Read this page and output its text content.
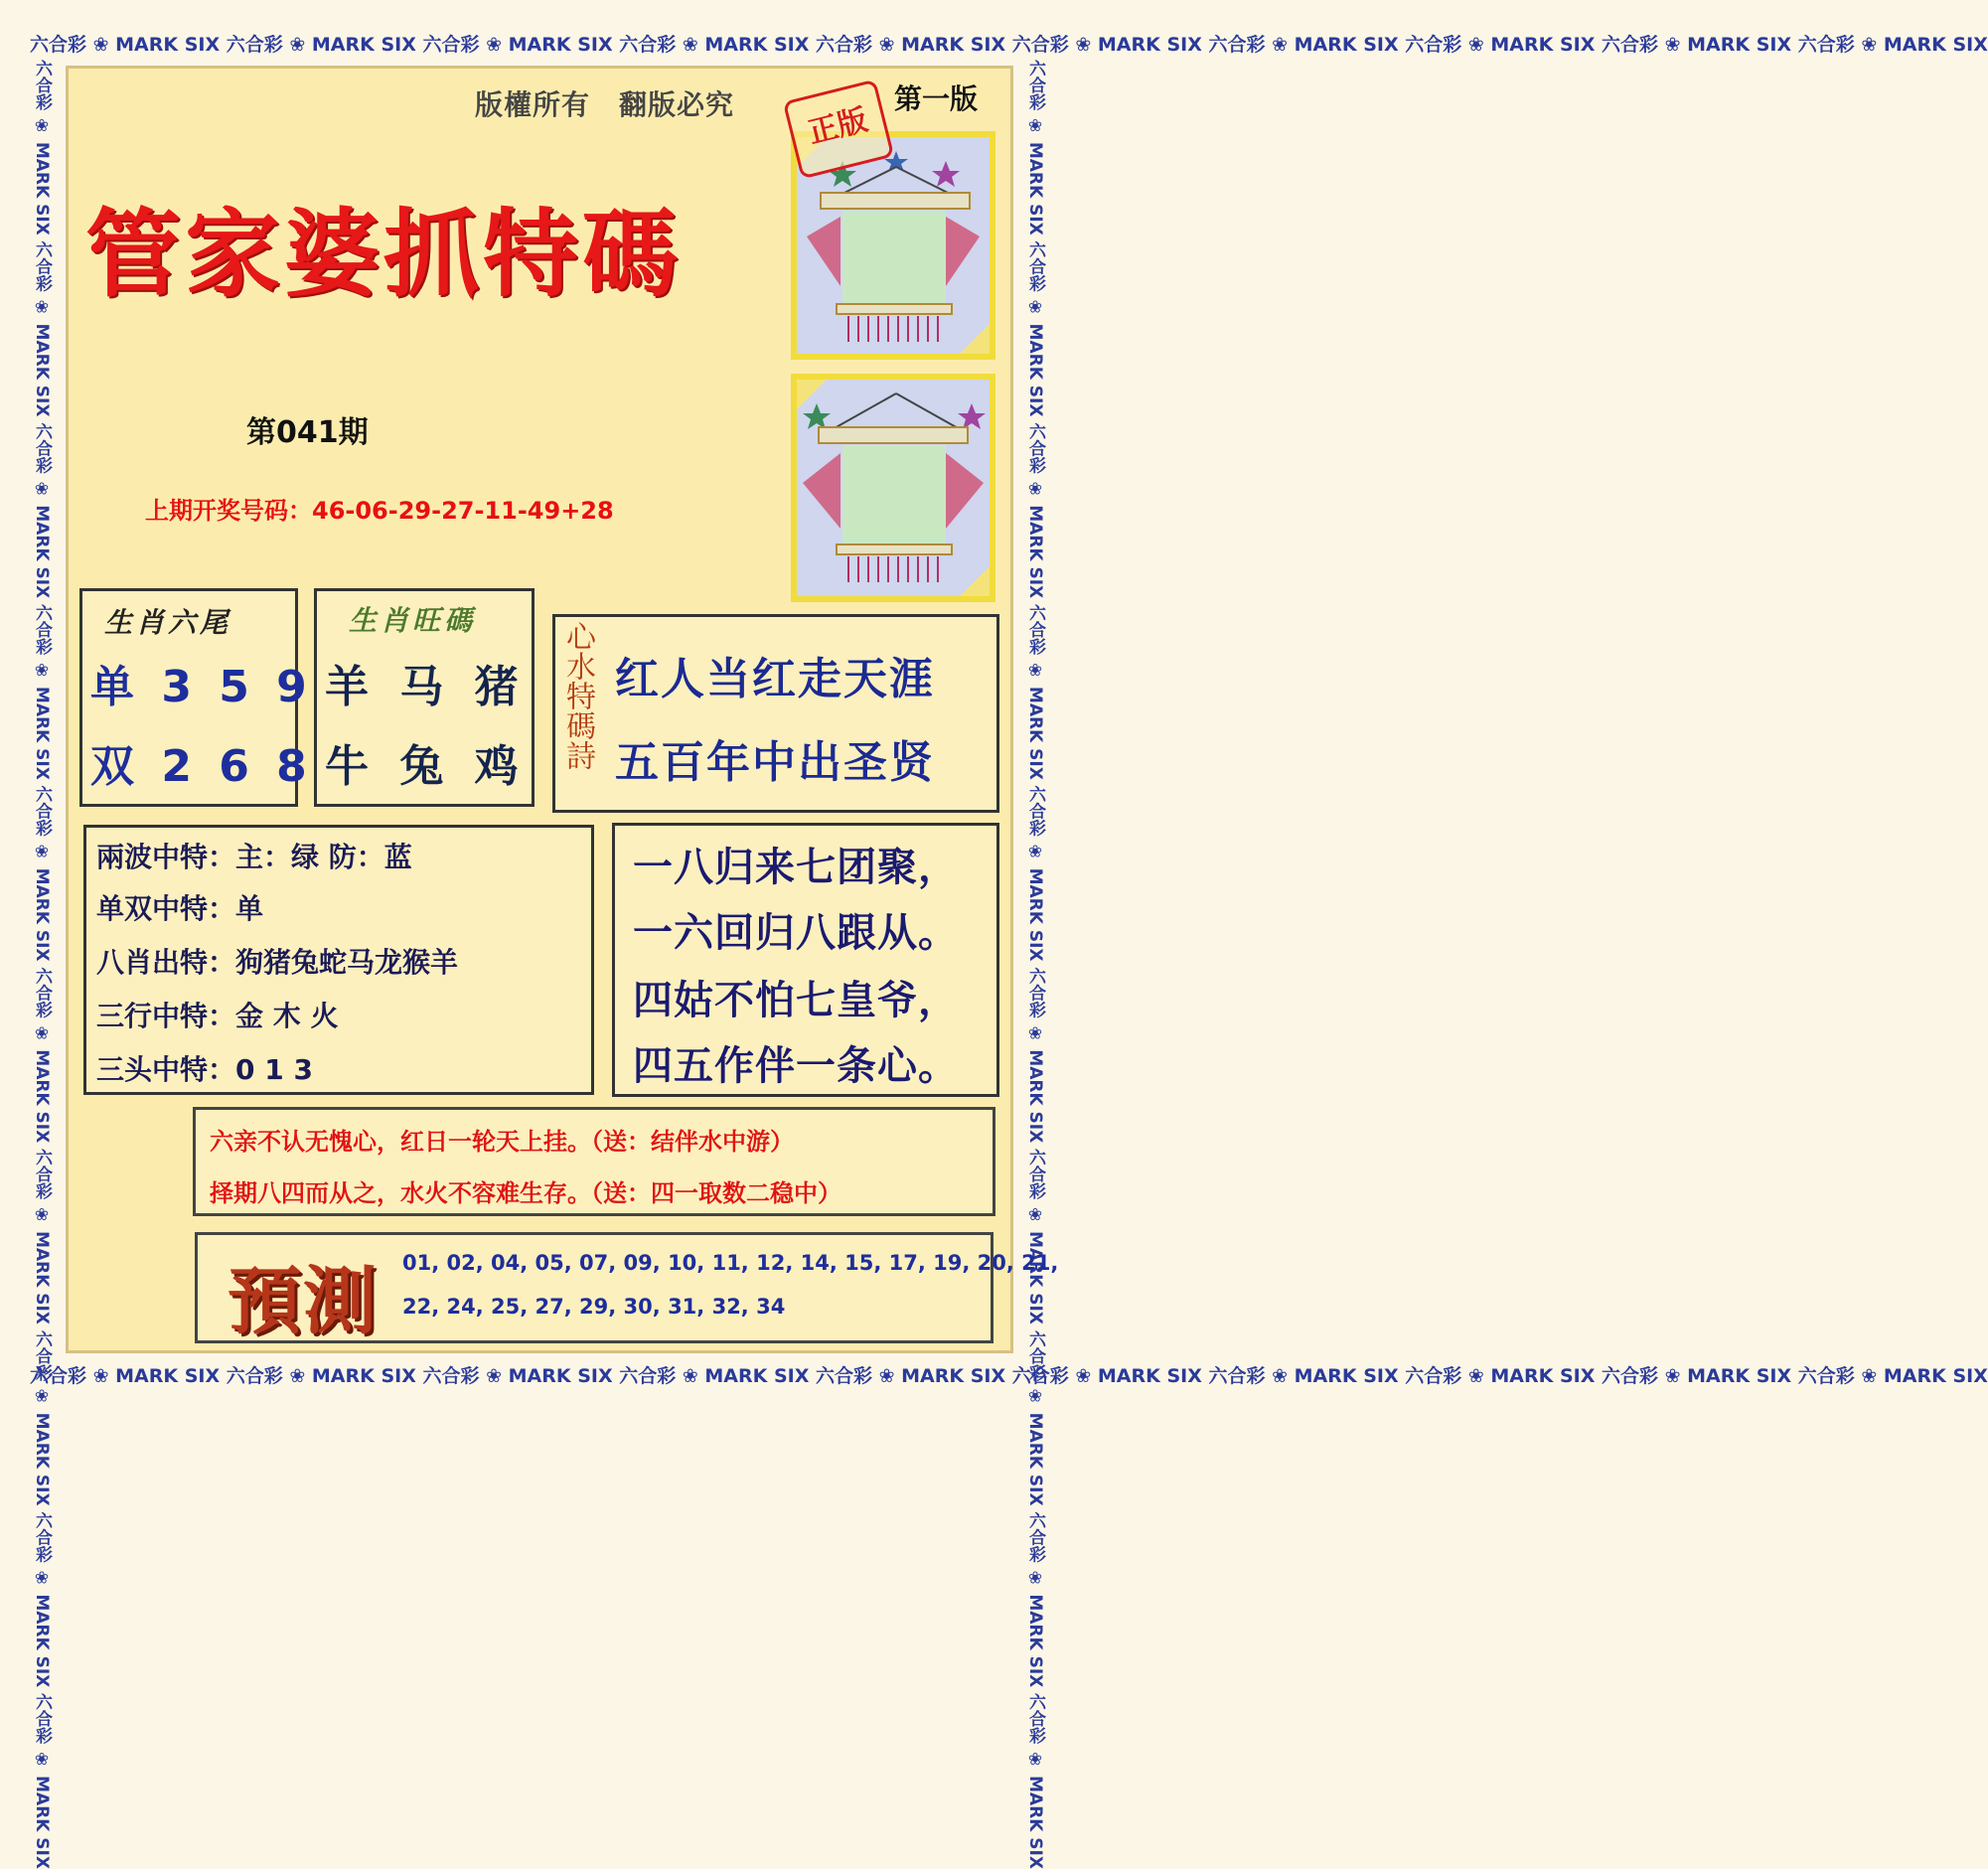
六合彩 ❀ MARK SIX 六合彩 ❀ MARK SIX 六合彩 ❀ MARK SIX 六合彩 ❀ MARK SIX 六合彩 ❀ MARK SIX 六合彩 ❀ MARK SIX 六合彩 ❀ MARK SIX 六合彩 ❀ MARK SIX 六合彩 ❀ MARK SIX 六合彩 ❀ MARK SIX
六合彩 ❀ MARK SIX 六合彩 ❀ MARK SIX 六合彩 ❀ MARK SIX 六合彩 ❀ MARK SIX 六合彩 ❀ MARK SIX 六合彩 ❀ MARK SIX 六合彩 ❀ MARK SIX 六合彩 ❀ MARK SIX 六合彩 ❀ MARK SIX 六合彩 ❀ MARK SIX
六合彩 ❀ MARK SIX 六合彩 ❀ MARK SIX 六合彩 ❀ MARK SIX 六合彩 ❀ MARK SIX 六合彩 ❀ MARK SIX 六合彩 ❀ MARK SIX 六合彩 ❀ MARK SIX 六合彩 ❀ MARK SIX 六合彩 ❀ MARK SIX 六合彩 ❀ MARK SIX	六合彩 ❀ MARK SIX 六合彩 ❀ MARK SIX 六合彩 ❀ MARK SIX 六合彩 ❀ MARK SIX 六合彩 ❀ MARK SIX 六合彩 ❀ MARK SIX 六合彩 ❀ MARK SIX 六合彩 ❀ MARK SIX 六合彩 ❀ MARK SIX 六合彩 ❀ MARK SIX
版權所有　翻版必究	第一版
正版
管家婆抓特碼
第041期
上期开奖号码：46-06-29-27-11-49+28
生肖六尾
单 3 5 9
双 2 6 8
生肖旺碼
羊 马 猪
牛 兔 鸡 心水特碼詩 红人当红走天涯
五百年中出圣贤
兩波中特：主：绿 防：蓝
单双中特：单
八肖出特：狗猪兔蛇马龙猴羊
三行中特：金 木 火
三头中特：0 1 3
一八归来七团聚，
一六回归八跟从。
四姑不怕七皇爷，
四五作伴一条心。
六亲不认无愧心，红日一轮天上挂。（送：结伴水中游）
择期八四而从之，水火不容难生存。（送：四一取数二稳中）
預測 01, 02, 04, 05, 07, 09, 10, 11, 12, 14, 15, 17, 19, 20, 21,
22, 24, 25, 27, 29, 30, 31, 32, 34
